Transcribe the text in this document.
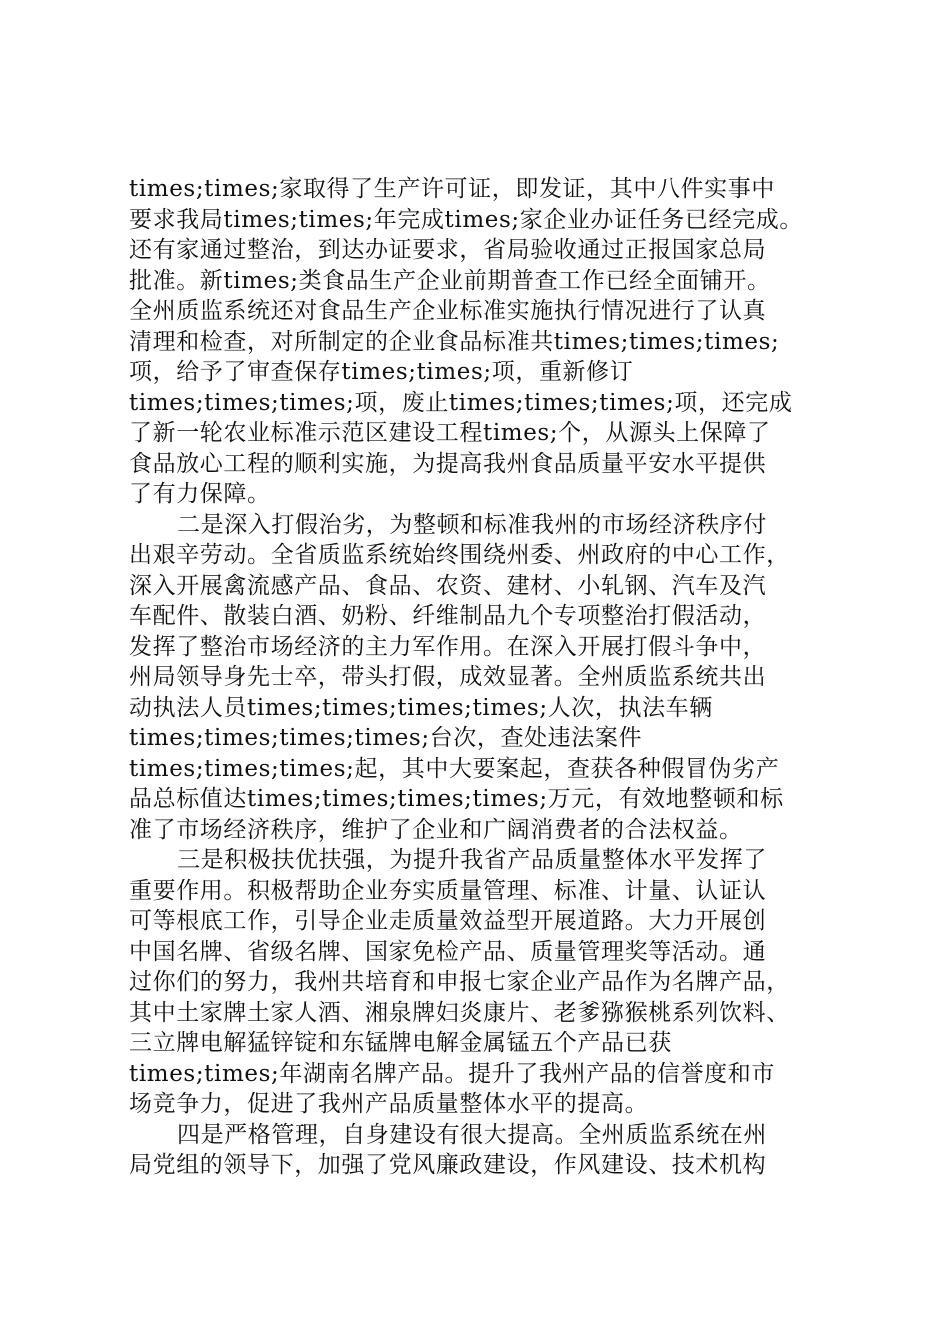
times;times;家取得了生产许可证，即发证，其中八件实事中
要求我局times;times;年完成times;家企业办证任务已经完成。
还有家通过整治，到达办证要求，省局验收通过正报国家总局
批准。新times;类食品生产企业前期普查工作已经全面铺开。
全州质监系统还对食品生产企业标准实施执行情况进行了认真
清理和检查，对所制定的企业食品标准共times;times;times;
项，给予了审查保存times;times;项，重新修订
times;times;times;项，废止times;times;times;项，还完成
了新一轮农业标准示范区建设工程times;个，从源头上保障了
食品放心工程的顺利实施，为提高我州食品质量平安水平提供
了有力保障。
二是深入打假治劣，为整顿和标准我州的市场经济秩序付
出艰辛劳动。全省质监系统始终围绕州委、州政府的中心工作，
深入开展禽流感产品、食品、农资、建材、小轧钢、汽车及汽
车配件、散装白酒、奶粉、纤维制品九个专项整治打假活动，
发挥了整治市场经济的主力军作用。在深入开展打假斗争中，
州局领导身先士卒，带头打假，成效显著。全州质监系统共出
动执法人员times;times;times;times;人次，执法车辆
times;times;times;times;台次，查处违法案件
times;times;times;起，其中大要案起，查获各种假冒伪劣产
品总标值达times;times;times;times;万元，有效地整顿和标
准了市场经济秩序，维护了企业和广阔消费者的合法权益。
三是积极扶优扶强，为提升我省产品质量整体水平发挥了
重要作用。积极帮助企业夯实质量管理、标准、计量、认证认
可等根底工作，引导企业走质量效益型开展道路。大力开展创
中国名牌、省级名牌、国家免检产品、质量管理奖等活动。通
过你们的努力，我州共培育和申报七家企业产品作为名牌产品，
其中土家牌土家人酒、湘泉牌妇炎康片、老爹猕猴桃系列饮料、
三立牌电解猛锌锭和东锰牌电解金属锰五个产品已获
times;times;年湖南名牌产品。提升了我州产品的信誉度和市
场竞争力，促进了我州产品质量整体水平的提高。
四是严格管理，自身建设有很大提高。全州质监系统在州
局党组的领导下，加强了党风廉政建设，作风建设、技术机构
